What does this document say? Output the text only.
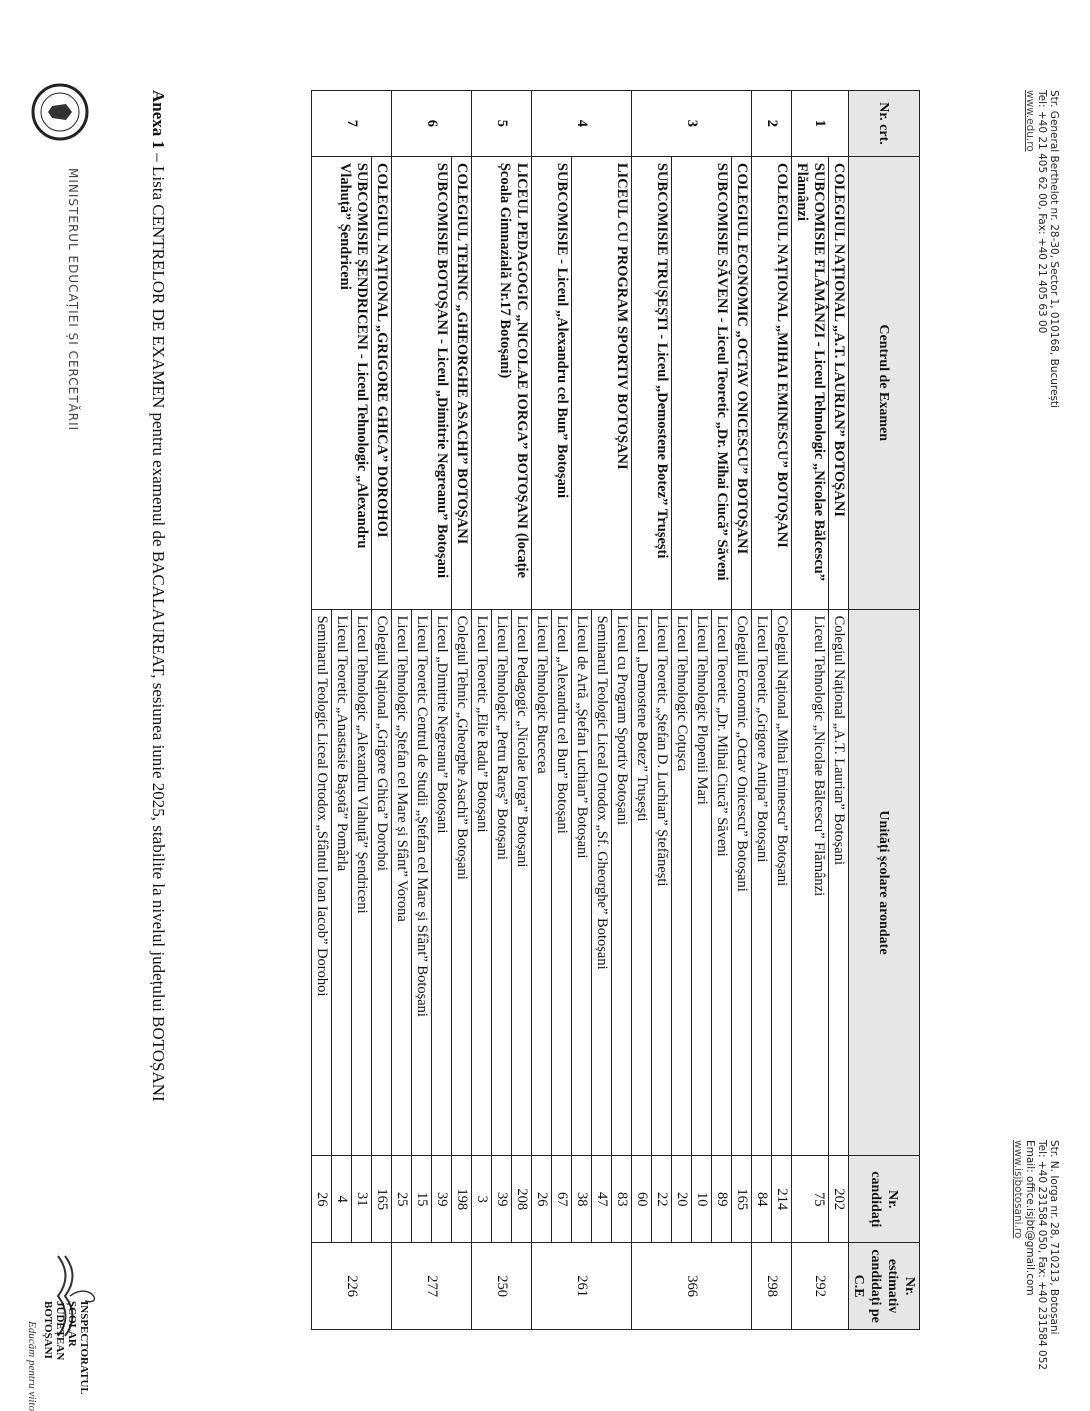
MINISTERUL EDUCAȚIEI ȘI CERCETĂRII
INSPECTORATUL
ȘCOLAR
JUDEȚEAN
BOTOȘANI
Educăm pentru viito
Anexa 1 – Lista CENTRELOR DE EXAMEN pentru examenul de BACALAUREAT, sesiunea iunie 2025, stabilite la nivelul județului BOTOȘANI
Nr. crt.	Centrul de Examen	Unități școlare arondate	Nr. candidați	Nr. estimativ candidați pe C.E
1	COLEGIUL NAȚIONAL „A.T. LAURIAN” BOTOȘANI	Colegiul Național „A.T. Laurian” Botoșani	202	292
	SUBCOMISIE FLĂMÂNZI - Liceul Tehnologic „Nicolae Bălcescu” Flămânzi	Liceul Tehnologic „Nicolae Bălcescu” Flămânzi	75	
2	COLEGIUL NAȚIONAL „MIHAI EMINESCU” BOTOȘANI	Colegiul Național „Mihai Eminescu” Botoșani	214	298
		Liceul Teoretic „Grigore Antipa” Botoșani	84	
3	COLEGIUL ECONOMIC „OCTAV ONICESCU” BOTOȘANI	Colegiul Economic „Octav Onicescu” Botoșani	165	366
	SUBCOMISIE SĂVENI - Liceul Teoretic „Dr. Mihai Ciucă” Săveni	Liceul Teoretic „Dr. Mihai Ciucă” Săveni	89	
		Liceul Tehnologic Plopenii Mari	10	
		Liceul Tehnologic Coțușca	20	
	SUBCOMISIE TRUȘEȘTI - Liceul „Demostene Botez” Trușești	Liceul Teoretic „Ștefan D. Luchian” Ștefănești	22	
		Liceul „Demostene Botez” Trușești	60	
4	LICEUL CU PROGRAM SPORTIV BOTOȘANI	Liceul cu Program Sportiv Botoșani	83	261
		Seminarul Teologic Liceal Ortodox „Sf. Gheorghe” Botoșani	47	
		Liceul de Artă „Ștefan Luchian” Botoșani	38	
	SUBCOMISIE - Liceul „Alexandru cel Bun” Botoșani	Liceul „Alexandru cel Bun” Botoșani	67	
		Liceul Tehnologic Bucecea	26	
5	LICEUL PEDAGOGIC „NICOLAE IORGA” BOTOȘANI (locație Școala Gimnazială Nr.17 Botoșani)	Liceul Pedagogic „Nicolae Iorga” Botoșani	208	250
		Liceul Tehnologic „Petru Rareș” Botoșani	39	
		Liceul Teoretic „Elie Radu” Botoșani	3	
6	COLEGIUL TEHNIC „GHEORGHE ASACHI” BOTOȘANI	Colegiul Tehnic „Gheorghe Asachi” Botoșani	198	277
	SUBCOMISIE BOTOȘANI - Liceul „Dimitrie Negreanu” Botoșani	Liceul „Dimitrie Negreanu” Botoșani	39	
		Liceul Teoretic Centrul de Studii „Ștefan cel Mare și Sfânt” Botoșani	15	
		Liceul Tehnologic „Ștefan cel Mare și Sfânt” Vorona	25	
7	COLEGIUL NAȚIONAL „GRIGORE GHICA” DOROHOI	Colegiul Național „Grigore Ghica” Dorohoi	165	226
	SUBCOMISIE ȘENDRICENI - Liceul Tehnologic „Alexandru Vlahuță” Șendriceni	Liceul Tehnologic „Alexandru Vlahuță” Șendriceni	31	
		Liceul Teoretic „Anastasie Bașotă” Pomârla	4	
		Seminarul Teologic Liceal Ortodox „Sfântul Ioan Iacob” Dorohoi	26	
Str. General Berthelot nr. 28-30, Sector 1, 010168, București
Tel: +40 21 405 62 00, Fax: +40 21 405 63 00
www.edu.ro
Str. N. Iorga nr. 28, 710213, Botoșani
Tel: +40 231584 050, Fax: +40 231584 052
Email: office.isjbt@gmail.com
www.isjbotosani.ro
